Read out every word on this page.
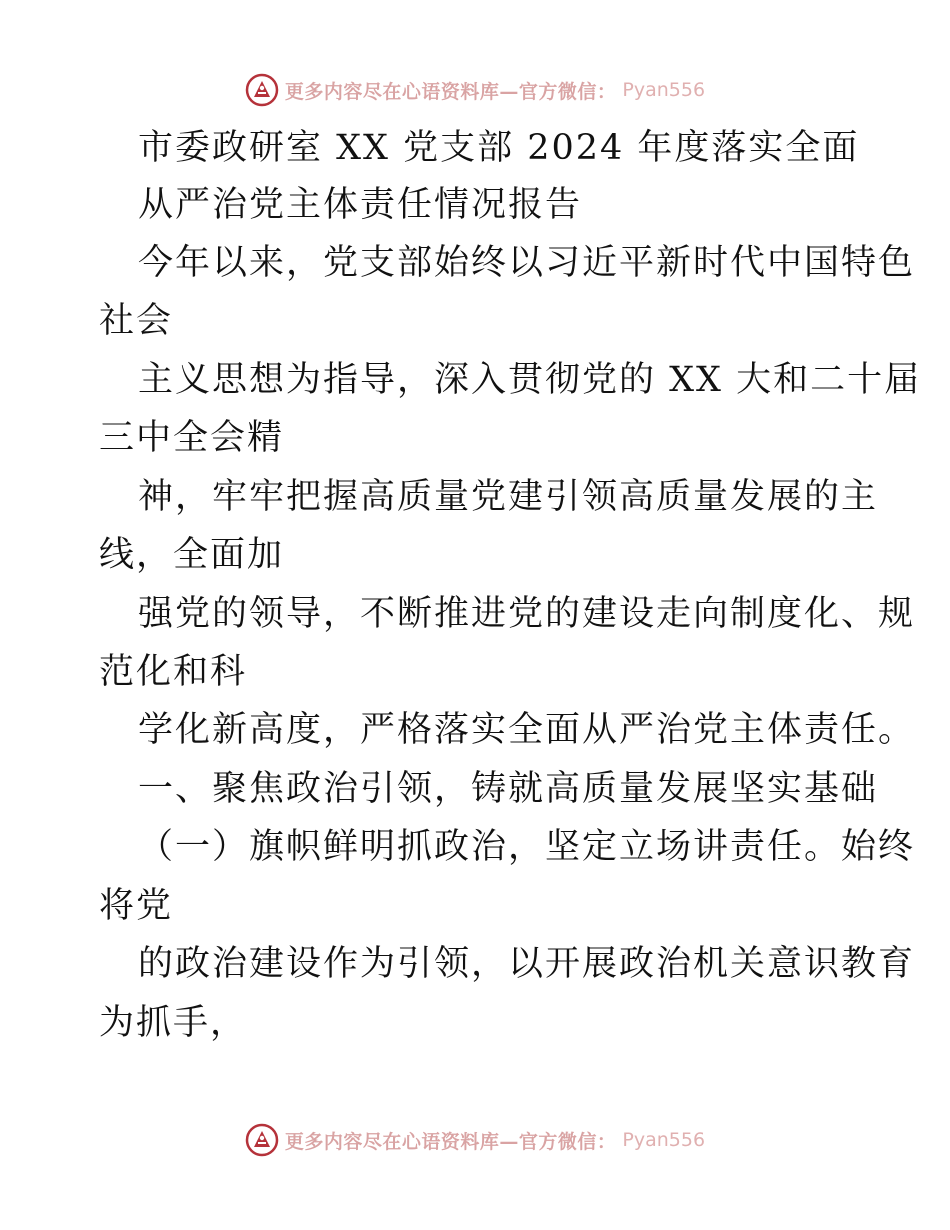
更多内容尽在心语资料库—官方微信： Pyan556
市委政研室 XX 党支部 2024 年度落实全面
从严治党主体责任情况报告
今年以来，党支部始终以习近平新时代中国特色
社会
主义思想为指导，深入贯彻党的 XX 大和二十届
三中全会精
神，牢牢把握高质量党建引领高质量发展的主
线，全面加
强党的领导，不断推进党的建设走向制度化、规
范化和科
学化新高度，严格落实全面从严治党主体责任。
一、聚焦政治引领，铸就高质量发展坚实基础
（一）旗帜鲜明抓政治，坚定立场讲责任。始终
将党
的政治建设作为引领，以开展政治机关意识教育
为抓手，
更多内容尽在心语资料库—官方微信： Pyan556
